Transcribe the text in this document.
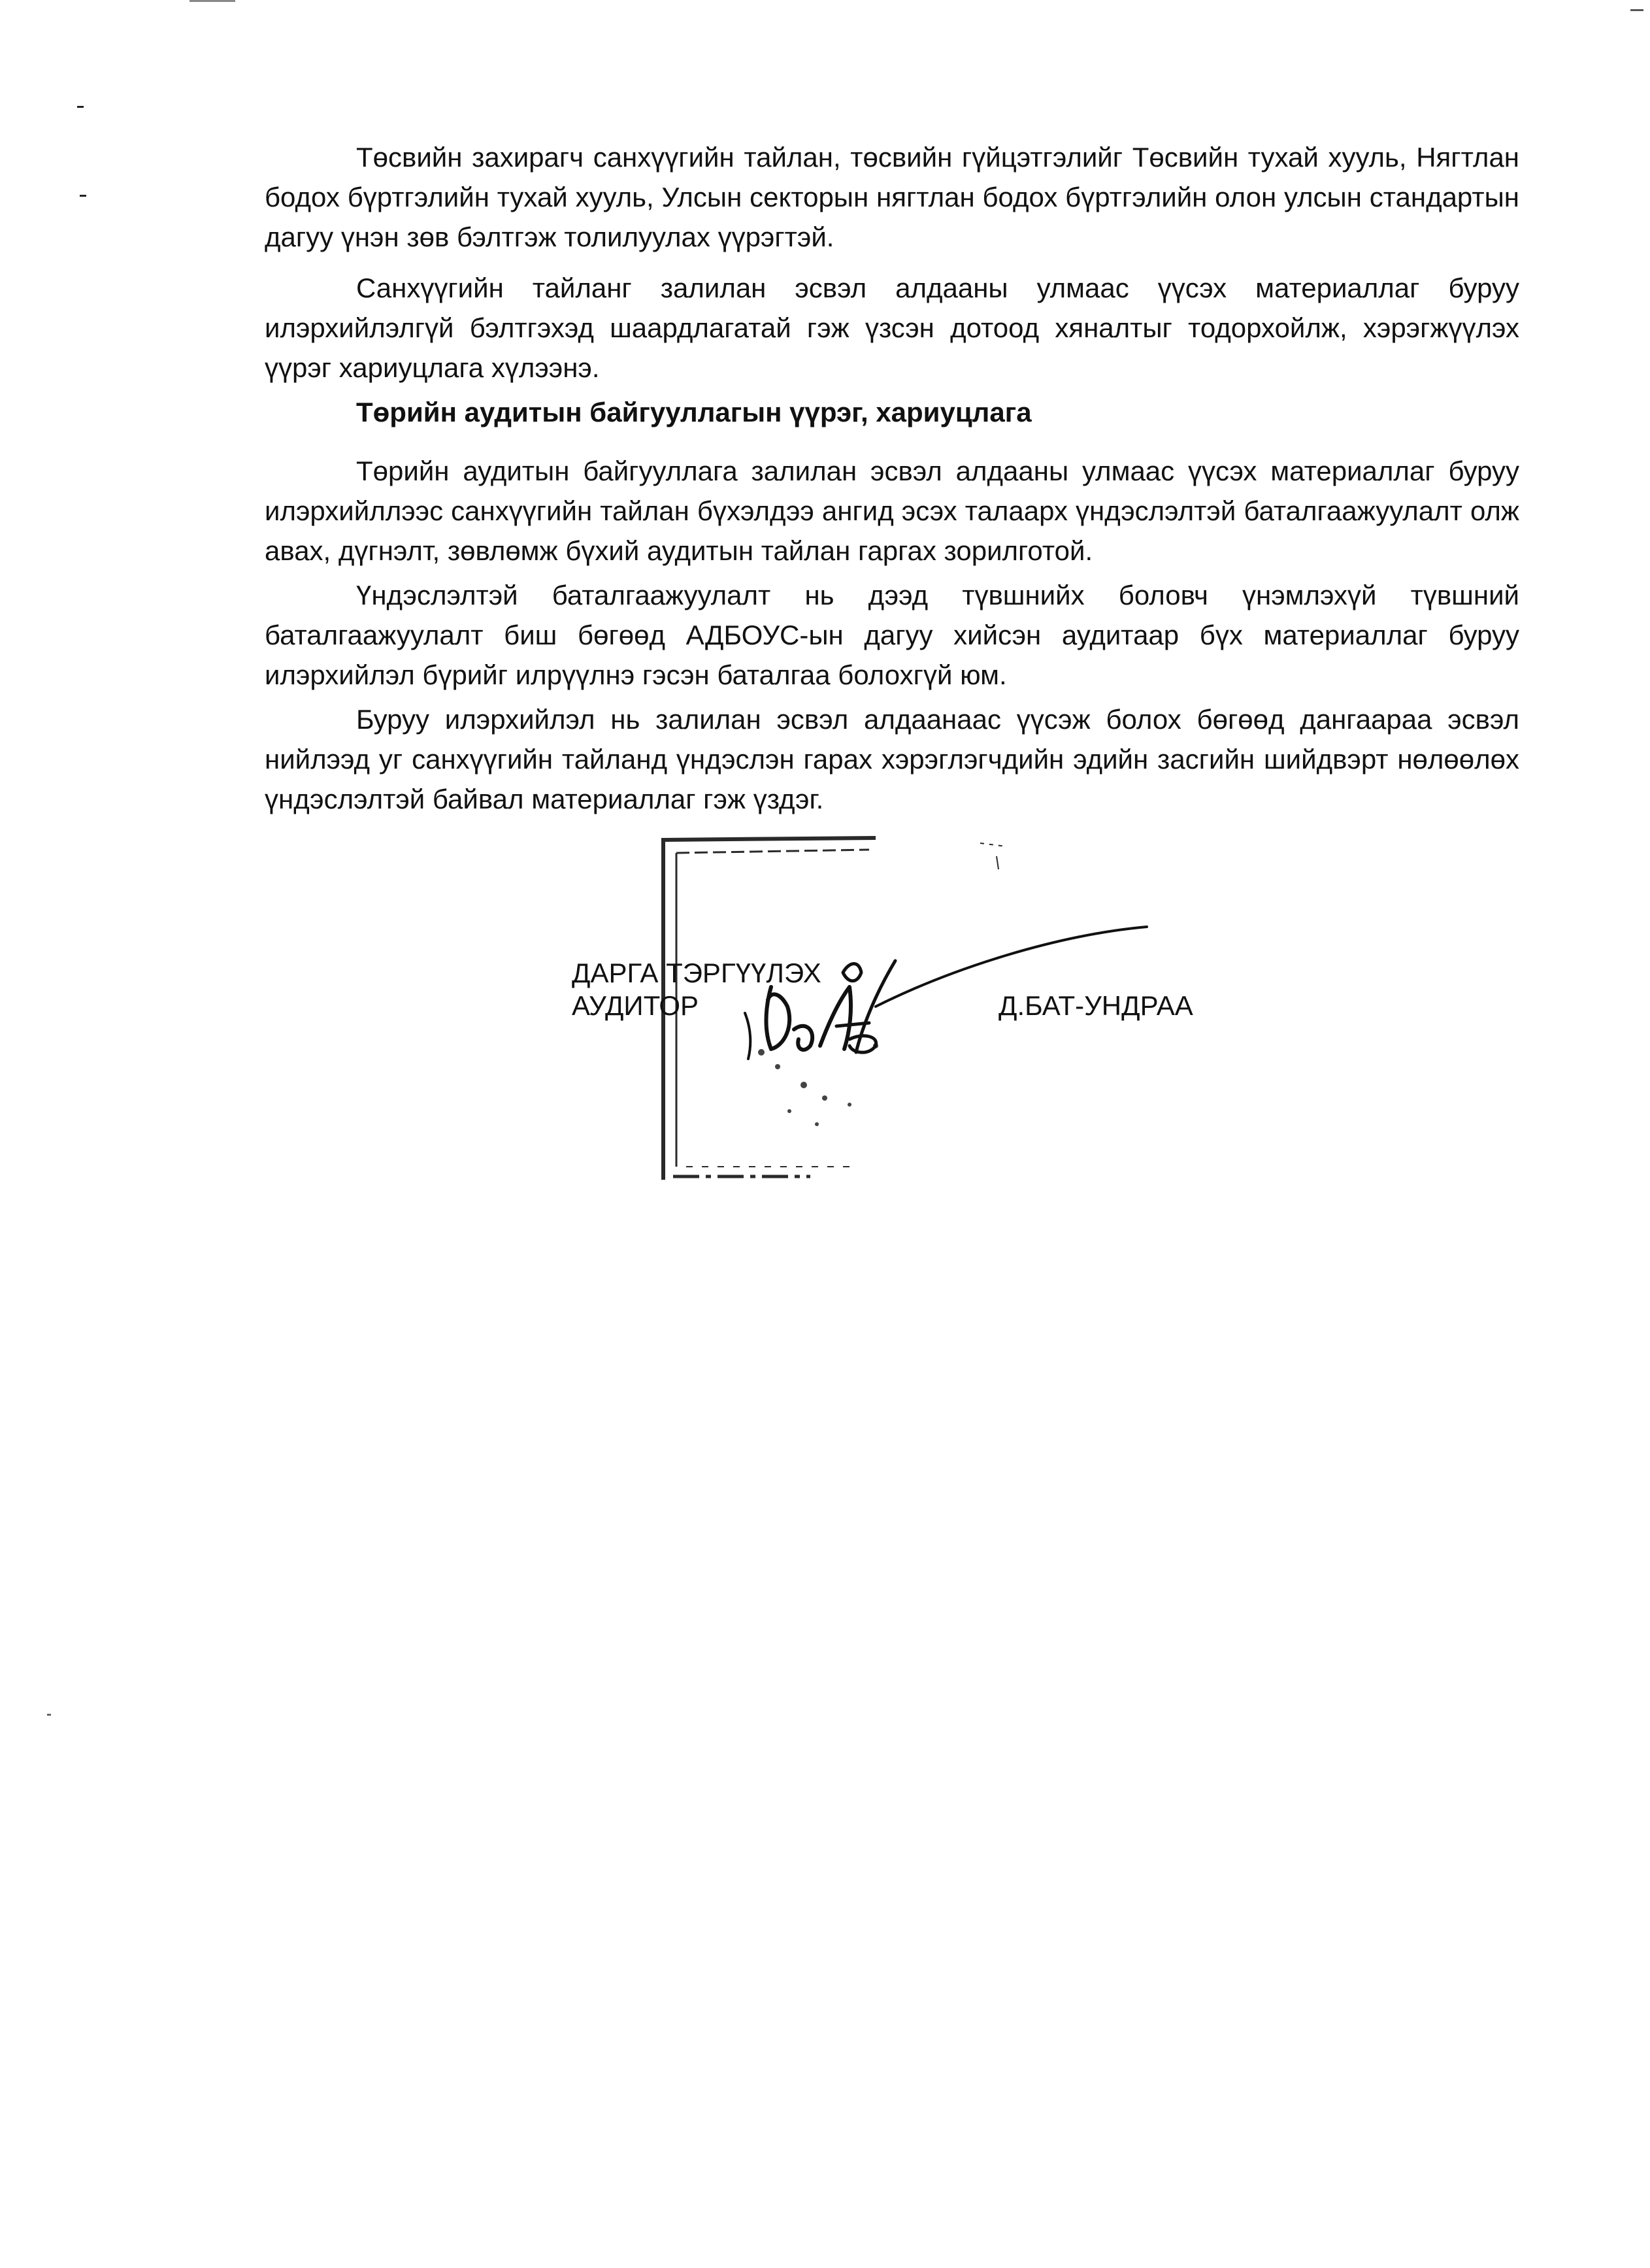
Төсвийн захирагч санхүүгийн тайлан, төсвийн гүйцэтгэлийг Төсвийн тухай хууль, Нягтлан бодох бүртгэлийн тухай хууль, Улсын секторын нягтлан бодох бүртгэлийн олон улсын стандартын дагуу үнэн зөв бэлтгэж толилуулах үүрэгтэй.

Санхүүгийн тайланг залилан эсвэл алдааны улмаас үүсэх материаллаг буруу илэрхийлэлгүй бэлтгэхэд шаардлагатай гэж үзсэн дотоод хяналтыг тодорхойлж, хэрэгжүүлэх үүрэг хариуцлага хүлээнэ.

Төрийн аудитын байгууллагын үүрэг, хариуцлага

Төрийн аудитын байгууллага залилан эсвэл алдааны улмаас үүсэх материаллаг буруу илэрхийллээс санхүүгийн тайлан бүхэлдээ ангид эсэх талаарх үндэслэлтэй баталгаажуулалт олж авах, дүгнэлт, зөвлөмж бүхий аудитын тайлан гаргах зорилготой.

Үндэслэлтэй баталгаажуулалт нь дээд түвшнийх боловч үнэмлэхүй түвшний баталгаажуулалт биш бөгөөд АДБОУС-ын дагуу хийсэн аудитаар бүх материаллаг буруу илэрхийлэл бүрийг илрүүлнэ гэсэн баталгаа болохгүй юм.

Буруу илэрхийлэл нь залилан эсвэл алдаанаас үүсэж болох бөгөөд дангаараа эсвэл нийлээд уг санхүүгийн тайланд үндэслэн гарах хэрэглэгчдийн эдийн засгийн шийдвэрт нөлөөлөх үндэслэлтэй байвал материаллаг гэж үздэг.

ДАРГА ТЭРГҮҮЛЭХ
АУДИТОР	Д.БАТ-УНДРАА
